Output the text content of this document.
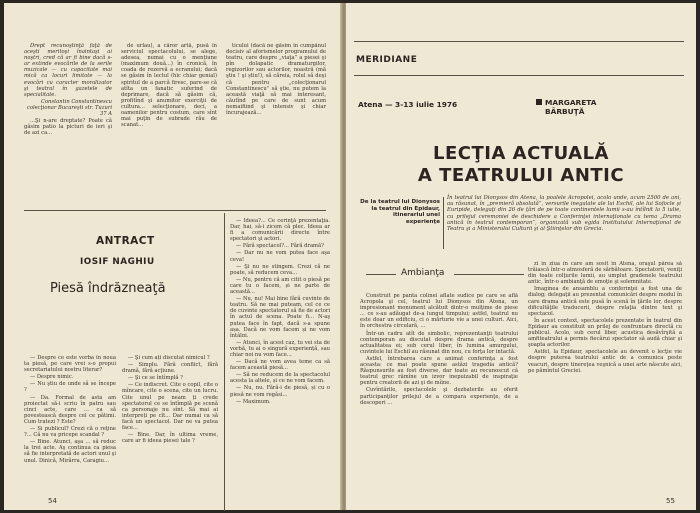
Drept recunoştinţă faţă de aceşti meritoşi înaintaşi ai noştri, cred că ar fi bine dacă s-ar extinde evocările de la serile muzicale — cu capacitate mai mică ca locuri limitate — la evocări cu caracter moralizator şi teatral în gazetele de specialitate.

Constantin Constantinescu colecţionar Bucureşti str. Tuzuri 37 A

...Şi n-are dreptate? Poate că găsim patio la picturi de ieri şi de azi ca...

de urlau), a căror artă, pusă în serviciul spectacolului, se alege, adesea, numai cu o mențiune (maximum două...) în cronică, în coada de rezervă a ecranului; dacă se găsim în lectul (hic chiar genial) spiritul de a parcă firesc, pare-se că atîta un fanatic suferind de deprimare, dacă să găsim că, profitînd şi anumitor exerciţii de cultura... selecţionare, deci, a oamenilor pentru costum, care sînt mai puţin de subrade rău de scanat...

ticului (dacă ne găsim în cumpănul decisiv al aforismelor programului de teatru, care despre „viaţa” a piesei şi pîn dolapatic dramaturgilor, regizorilor sau actorilor, noastră (mă ştiu ! şi știu!), să căreia, rolul să deşi că pentru „colecţionarul Constantinescu” să ştie, nu putem la această viaţă să mai interesant, căutînd pe care de sunt acum nemaifiind şi intensiv şi chiar încurajează...

ANTRACT
IOSIF NAGHIU
Piesă îndrăzneaţă

— Despre ce este vorba în noua ta piesă, pe care vrei s-o propui secretariatului nostru literar?

— Despre nimic.

— Nu ştiu de unde să se începe ?

— Da. Formal de asta am proiectat să-i scriu în patru sau cinci acte, care ... ca să povestească despre cel ce pătimi. Cum tratezi ? Este?

— Si publicul? Crezi că o reţine ?... Că nu va pricepe scandal ?

— Bine. Atunci, aşa ... să reduc la trei acte. Aş continua ca piesa să fie interpretată de actori unul şi unul. Dinică, Mirărra, Caragiu...

— Şi cum ați discutat nimicul ?

— Simplu. Fără conflict, fără dramă, fără acţiune.

— Şi ce se întîmplă ?

— Ce indiscret. Cite o copil, cite o mîncare, cite o scena, cite un lucru. Cite unul pe neam ți crede spectatorul ce se întîmplă pe scenă ca personaje nu sînt. Să mai ai interpreți pe cît... Dar numai ca să facă un spectacol. Dar ne va putea face...

— Bine. Dar, în ultima vreme, care ar fi ideea piesei tale ?

— Ideea?... Ce cerinţă prezentaţia. Dar, hai, să-i zicem că plec. Ideea ar fi a comunicării directe între spectatori şi actori.

— Fără spectacol?... Fără dramă?

— Dar nu ne vom putea face aşa ceva!

— Şi nu ne stingem. Crezi că ne poate, să reducem ceva...

— Nu, pentru că am citit o piesă pe care tu o facem, și ne parte de această...

— Nu, nu! Mai bine fără cuvinte de teatru. Să ne mai puteam, cel ce ce de cuvinte spectatorul să fie de actori în actul de scena. Poate fi... N-aş putea face în fapt, dacă s-a spune așa. Dacă ne vom facem și ne vom întâlni.

— Atunci, în acest caz, tu vei sta de vorbă, tu ai o singură experiență, sau chiar noi nu vom face...

— Dacă ne vom avea teme ca să facem această piesă...

— Să ne reducem de la spectacolul acesta la altele, și ce ne vom facem.

— Nu, nu. Fără-i de piesă, și cu o piesă ne vom regăsi...

— Maximum.

54
MERIDIANE
Atena — 3-13 iulie 1976	MARGARETA
BÂRBUŢĂ
LECŢIA ACTUALĂ
A TEATRULUI ANTIC
De la teatrul lui Dionysos la teatrul din Epidaur, itinerariul unei experienţe
În teatrul lui Dionysos din Atena, la poalele Acropolei, acolo unde, acum 2500 de ani, au răsunat, în „premieră absolută”, versurile inegalate ale lui Eschil, ale lui Sofocle şi Euripide, delegaţi din 26 de ţări de pe toate continentele lumii s-au întîlnit la 5 iulie, cu prilejul ceremoniei de deschidere a Conferinţei internaţionale cu tema „Drama antică în teatrul contemporan”, organizată sub egida Institutului Internaţional de Teatru şi a Ministerului Culturii şi al Ştiinţelor din Grecia.
Ambianţa

Construit pe panta colinei aflate sudice pe care se află Acropola şi cel, teatrul lui Dionysos din Atena, un impresionant monument alcătuit dintr-o mulţime de piese ... ce s-au adăugat de-a lungul timpului; astfel, teatrul nu este doar un edificiu, ci o mărturie vie a unei culturi. Aici, în orchestra circulară, ...

Într-un cadru atît de simbolic, reprezentanţii teatrului contemporan au discutat despre drama antică, despre actualitatea ei; sub cerul liber, în lumina amurgului, cuvintele lui Eschil au răsunat din nou, cu forţa lor intactă.

Astfel, întrebarea care a animat conferinţa a fost aceasta: ce mai poate spune astăzi tragedia antică? Răspunsurile au fost diverse, dar toate au recunoscut că teatrul grec rămîne un izvor inepuizabil de inspiraţie pentru creatorii de azi şi de mîine.

Cuvîntările, spectacolele şi dezbaterile au oferit participanţilor prilejul de a compara experienţe, de a descoperi ...

zi în ziua în care am sosit în Atena, oraşul părea să trăiască într-o atmosferă de sărbătoare. Spectatorii, veniţi din toate colţurile lumii, au umplut gradenele teatrului antic, într-o ambianţă de emoţie şi solemnitate.

Imaginea de ansamblu a conferinţei a fost una de dialog; delegaţii au prezentat comunicări despre modul în care drama antică este pusă în scenă în ţările lor, despre dificultăţile traducerii, despre relaţia dintre text şi spectacol.

În acest context, spectacolele prezentate în teatrul din Epidaur au constituit un prilej de confruntare directă cu publicul. Acolo, sub cerul liber, acustica desăvîrşită a amfiteatrului a permis fiecărui spectator să audă chiar şi şoapta actorilor.

Astfel, la Epidaur, spectacolele au devenit o lecţie vie despre puterea teatrului antic de a comunica peste veacuri, despre tinereţea veşnică a unei arte născute aici, pe pămîntul Greciei.

55
